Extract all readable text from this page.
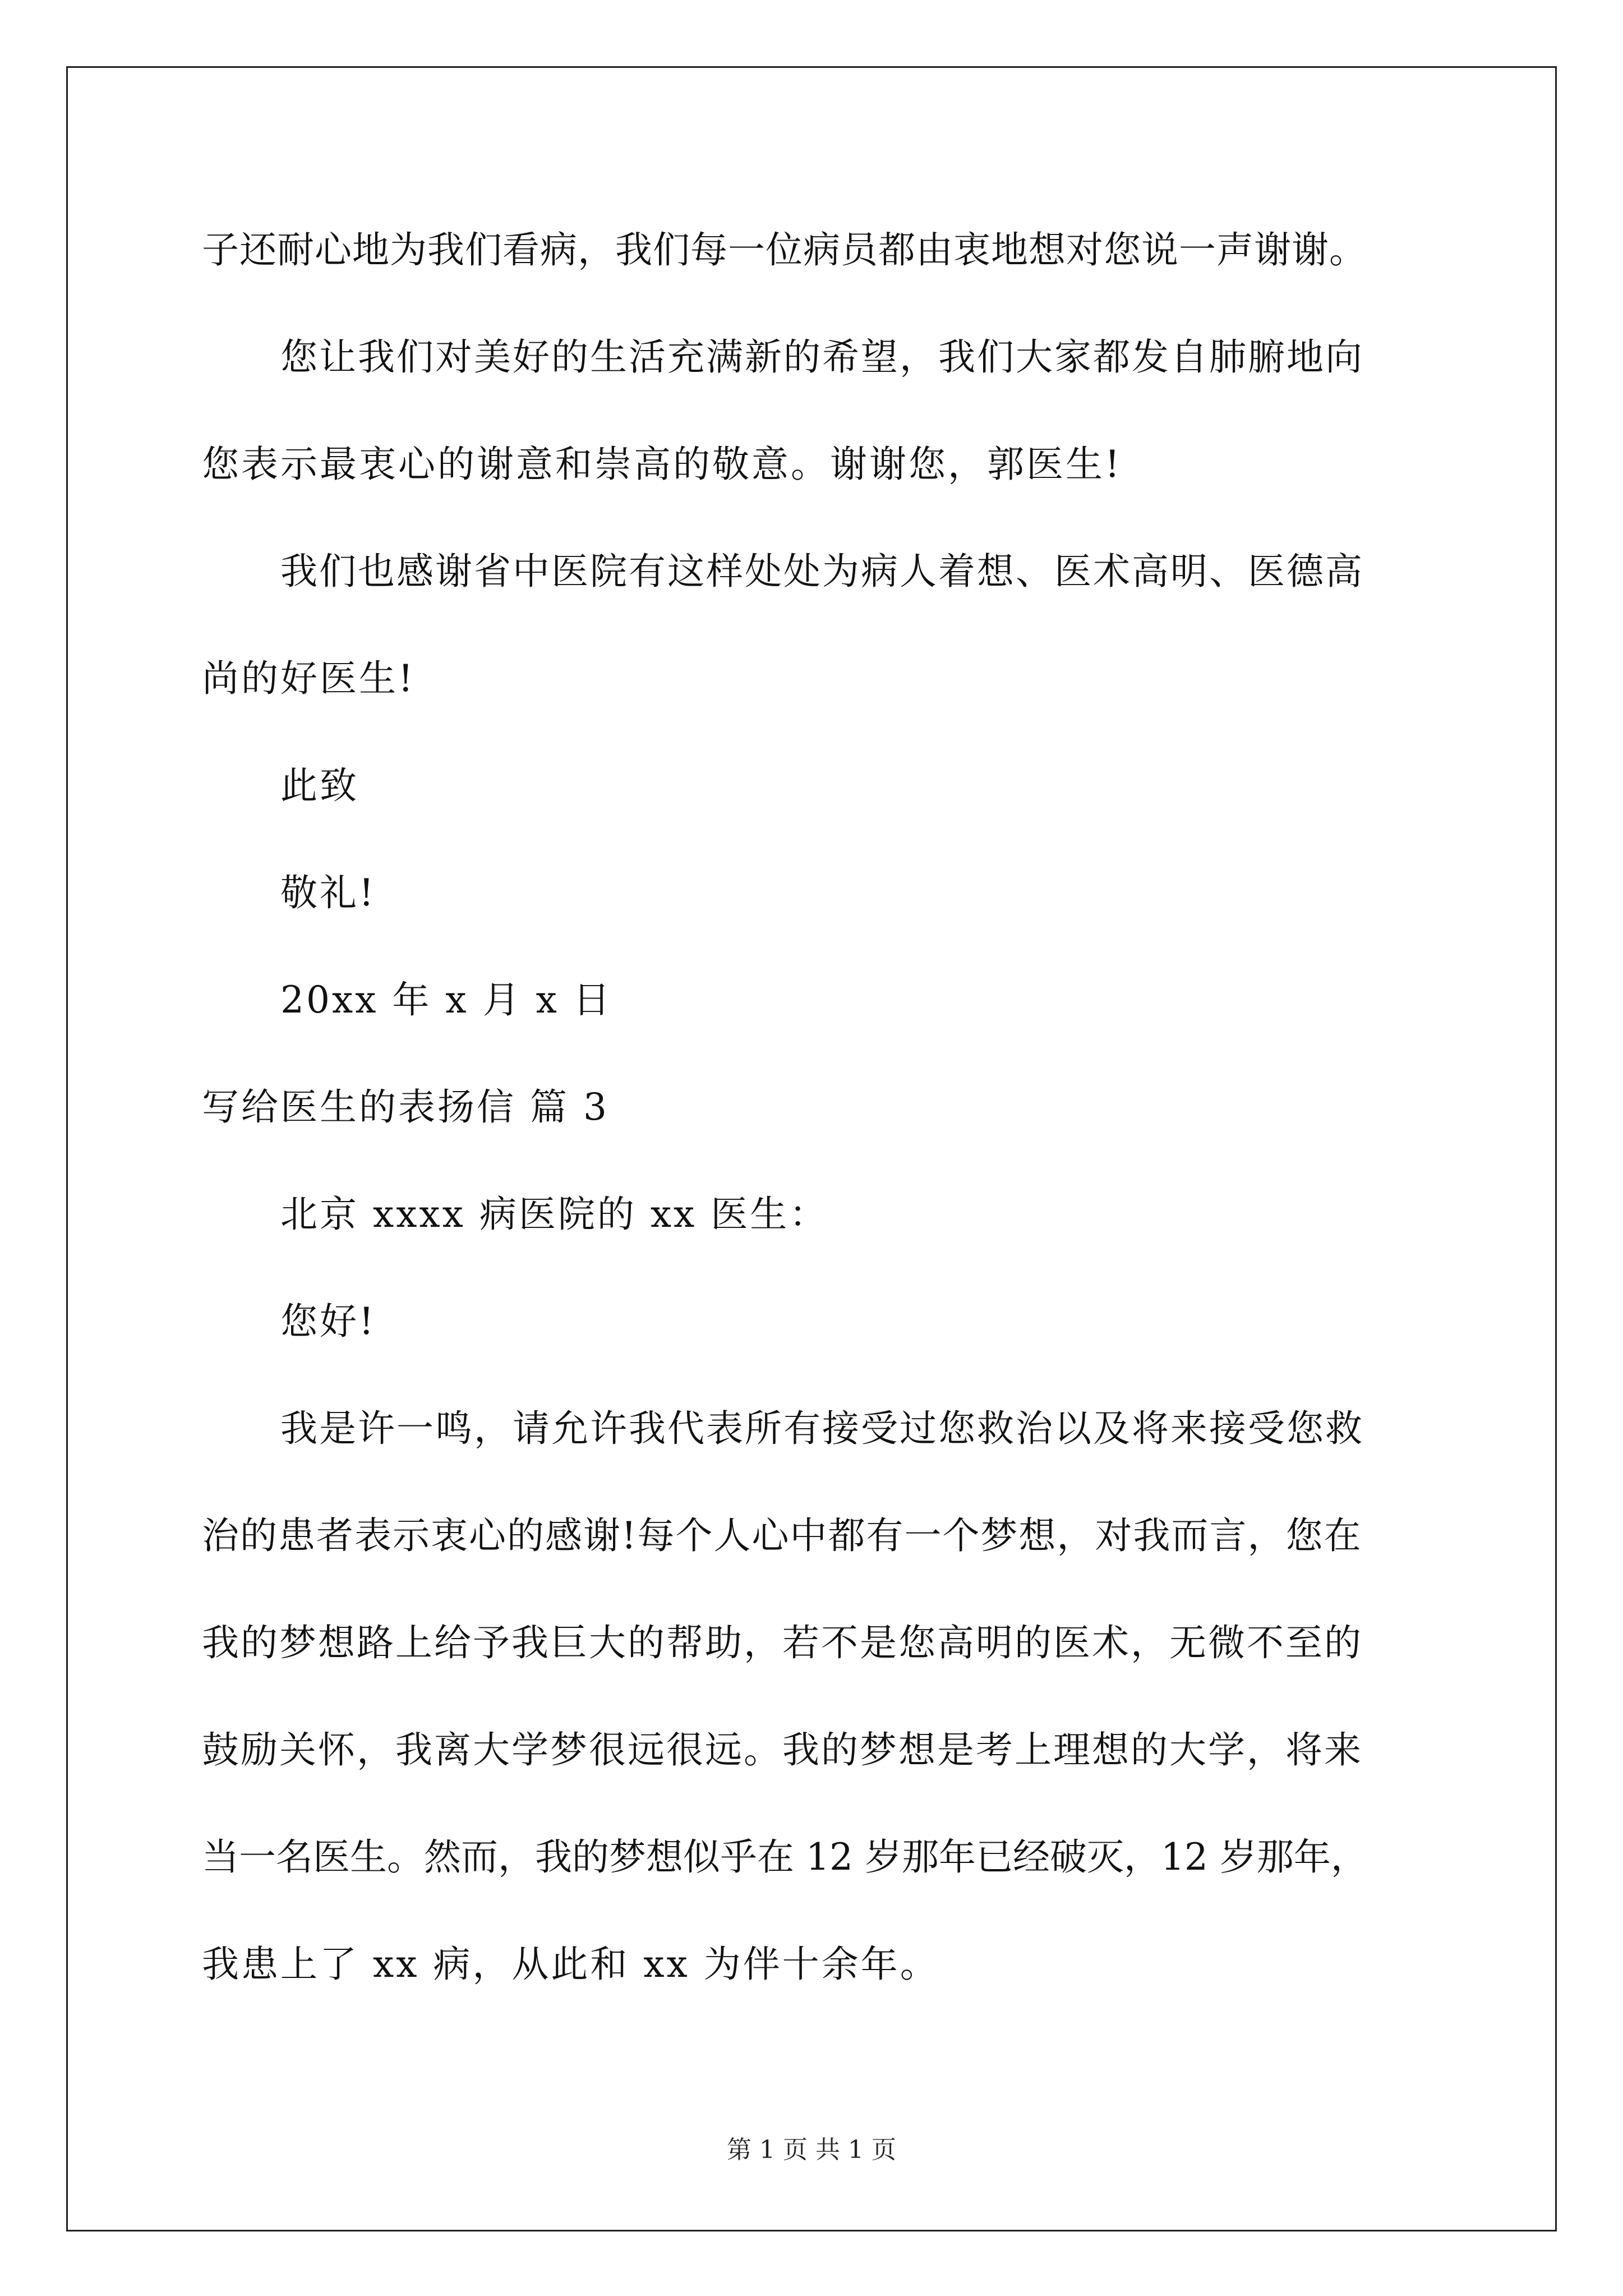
子还耐心地为我们看病，我们每一位病员都由衷地想对您说一声谢谢。

您让我们对美好的生活充满新的希望，我们大家都发自肺腑地向

您表示最衷心的谢意和崇高的敬意。谢谢您，郭医生!

我们也感谢省中医院有这样处处为病人着想、医术高明、医德高

尚的好医生!

此致

敬礼!

20xx 年 x 月 x 日

写给医生的表扬信 篇 3

北京 xxxx 病医院的 xx 医生：

您好!

我是许一鸣，请允许我代表所有接受过您救治以及将来接受您救

治的患者表示衷心的感谢!每个人心中都有一个梦想，对我而言，您在

我的梦想路上给予我巨大的帮助，若不是您高明的医术，无微不至的

鼓励关怀，我离大学梦很远很远。我的梦想是考上理想的大学，将来

当一名医生。然而，我的梦想似乎在 12 岁那年已经破灭，12 岁那年，

我患上了 xx 病，从此和 xx 为伴十余年。

第 1 页 共 1 页
